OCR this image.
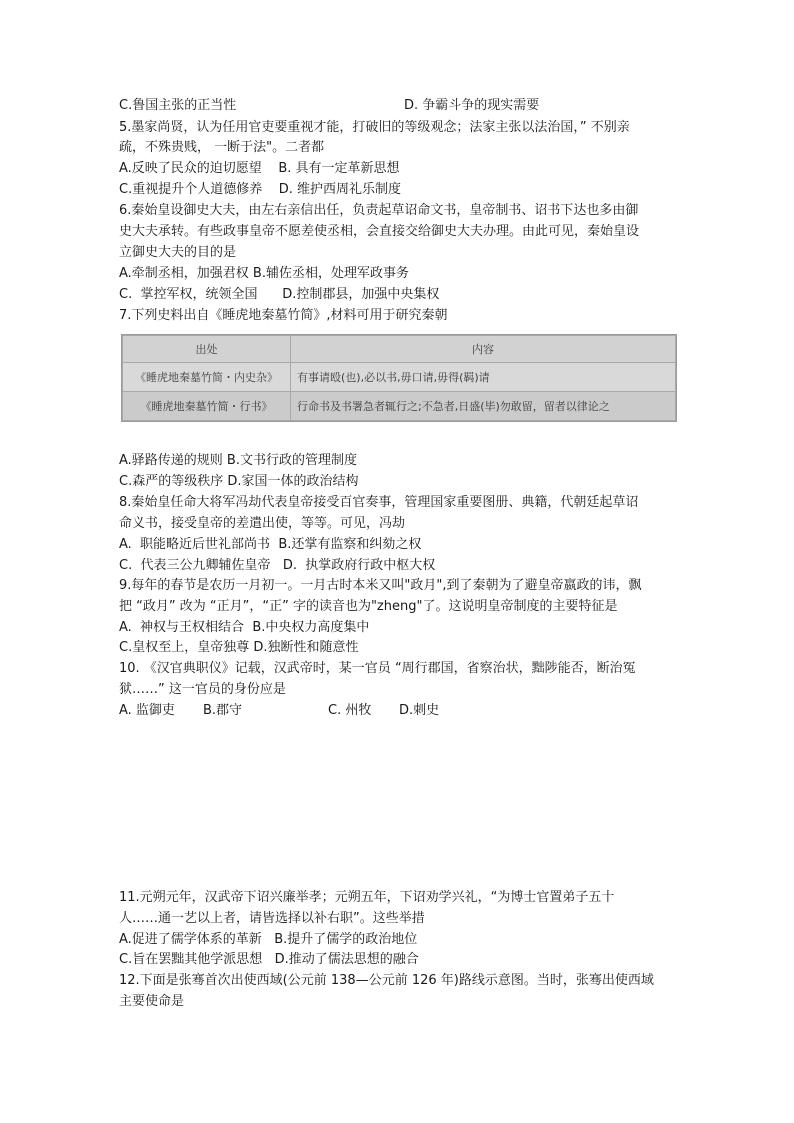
C.鲁国主张的正当性	D. 争霸斗争的现实需要
5.墨家尚贤，认为任用官吏要重视才能，打破旧的等级观念；法家主张以法治国，” 不别亲
疏，不殊贵贱， 一断于法"。二者都
A.反映了民众的迫切愿望    B. 具有一定革新思想
C.重视提升个人道德修养    D. 维护西周礼乐制度
6.秦始皇设御史大夫，由左右亲信出任，负责起草诏命文书，皇帝制书、诏书下达也多由御
史大夫承转。有些政事皇帝不愿差使丞相，会直接交给御史大夫办理。由此可见，秦始皇设
立御史大夫的目的是
A.牵制丞相，加强君权 B.辅佐丞相，处理军政事务
C.  掌控军权，统领全国      D.控制郡县，加强中央集权
7.下列史料出自《睡虎地秦墓竹简》,材料可用于研究秦朝
出处	内容
《睡虎地秦墓竹简・内史杂》	有事请殴(也),必以书,毋口请,毋得(羁)请
《睡虎地秦墓竹简・行书》	行命书及书署急者辄行之;不急者,日盛(毕)勿敢留，留者以律论之
A.驿路传递的规则 B.文书行政的管理制度
C.森严的等级秩序 D.家国一体的政治结构
8.秦始皇任命大将军冯劫代表皇帝接受百官奏事，管理国家重要图册、典籍，代朝廷起草诏
命义书，接受皇帝的差遣出使，等等。可见，冯劫
A.  职能略近后世礼部尚书  B.还掌有监察和纠劾之权
C.  代表三公九卿辅佐皇帝   D.  执掌政府行政中枢大权
9.每年的春节是农历一月初一。一月古时本米又叫"政月",到了秦朝为了避皇帝嬴政的讳，飘
把 “政月” 改为 “正月”，“正” 字的读音也为"zheng"了。这说明皇帝制度的主要特征是
A.  神权与王权相结合  B.中央权力高度集中
C.皇权至上，皇帝独尊 D.独断性和随意性
10. 《汉官典职仪》记载，汉武帝时，某一官员 “周行郡国，省察治状，黜陟能否，断治冤
狱……” 这一官员的身份应是
A. 监御吏 B.郡守	C. 州牧 D.刺史
11.元朔元年，汉武帝下诏兴廉举孝；元朔五年，下诏劝学兴礼，“为博士官置弟子五十
人……通一艺以上者，请皆选择以补右职”。这些举措
A.促进了儒学体系的革新   B.提升了儒学的政治地位
C.旨在罢黜其他学派思想   D.推动了儒法思想的融合
12.下面是张骞首次出使西域(公元前 138—公元前 126 年)路线示意图。当时，张骞出使西域
主要使命是
